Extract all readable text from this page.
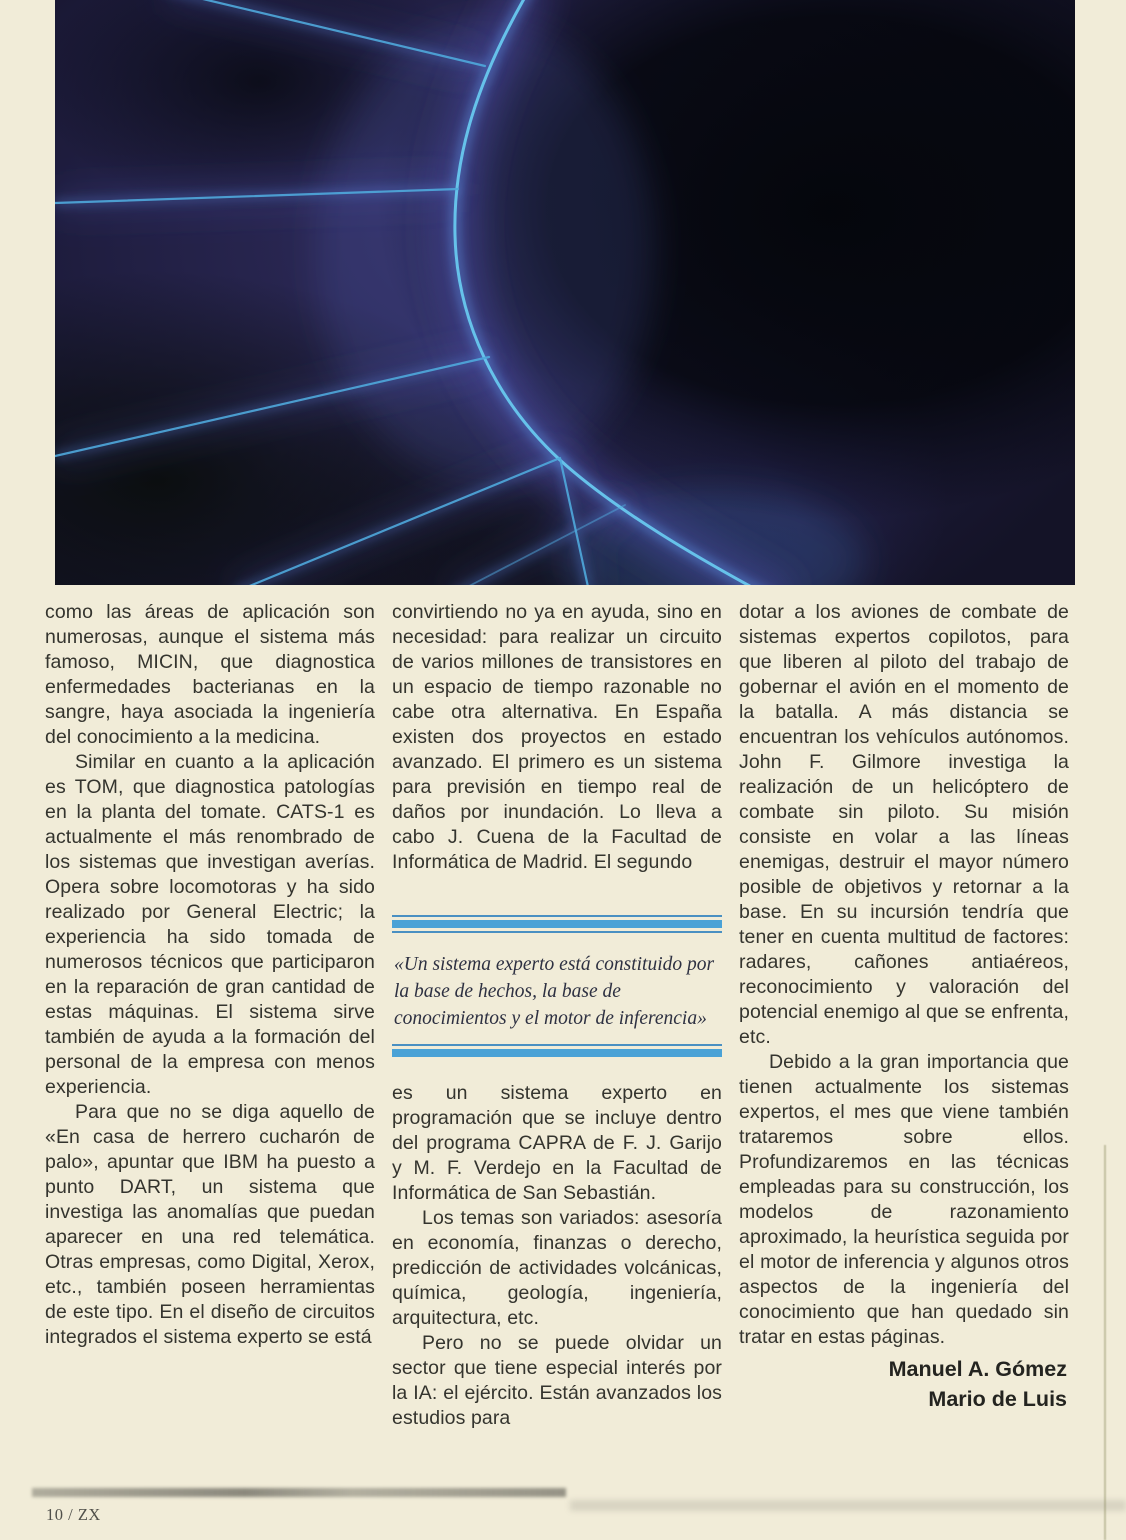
como las áreas de aplicación son numerosas, aunque el sistema más famoso, MICIN, que diagnostica enfermedades bacterianas en la sangre, haya asociada la ingeniería del conocimiento a la medicina.

Similar en cuanto a la aplicación es TOM, que diagnostica patologías en la planta del tomate. CATS-1 es actualmente el más renombrado de los sistemas que investigan averías. Opera sobre locomotoras y ha sido realizado por General Electric; la experiencia ha sido tomada de numerosos técnicos que participaron en la reparación de gran cantidad de estas máquinas. El sistema sirve también de ayuda a la formación del personal de la empresa con menos experiencia.

Para que no se diga aquello de «En casa de herrero cucharón de palo», apuntar que IBM ha puesto a punto DART, un sistema que investiga las anomalías que puedan aparecer en una red telemática. Otras empresas, como Digital, Xerox, etc., también poseen herramientas de este tipo. En el diseño de circuitos integrados el sistema experto se está

convirtiendo no ya en ayuda, sino en necesidad: para realizar un circuito de varios millones de transistores en un espacio de tiempo razonable no cabe otra alternativa. En España existen dos proyectos en estado avanzado. El primero es un sistema para previsión en tiempo real de daños por inundación. Lo lleva a cabo J. Cuena de la Facultad de Informática de Madrid. El segundo

«Un sistema experto está constituido por la base de hechos, la base de conocimientos y el motor de inferencia»

es un sistema experto en programación que se incluye dentro del programa CAPRA de F. J. Garijo y M. F. Verdejo en la Facultad de Informática de San Sebastián.

Los temas son variados: asesoría en economía, finanzas o derecho, predicción de actividades volcánicas, química, geología, ingeniería, arquitectura, etc.

Pero no se puede olvidar un sector que tiene especial interés por la IA: el ejército. Están avanzados los estudios para

dotar a los aviones de combate de sistemas expertos copilotos, para que liberen al piloto del trabajo de gobernar el avión en el momento de la batalla. A más distancia se encuentran los vehículos autónomos. John F. Gilmore investiga la realización de un helicóptero de combate sin piloto. Su misión consiste en volar a las líneas enemigas, destruir el mayor número posible de objetivos y retornar a la base. En su incursión tendría que tener en cuenta multitud de factores: radares, cañones antiaéreos, reconocimiento y valoración del potencial enemigo al que se enfrenta, etc.

Debido a la gran importancia que tienen actualmente los sistemas expertos, el mes que viene también trataremos sobre ellos. Profundizaremos en las técnicas empleadas para su construcción, los modelos de razonamiento aproximado, la heurística seguida por el motor de inferencia y algunos otros aspectos de la ingeniería del conocimiento que han quedado sin tratar en estas páginas.

Manuel A. Gómez
Mario de Luis
10 / ZX
